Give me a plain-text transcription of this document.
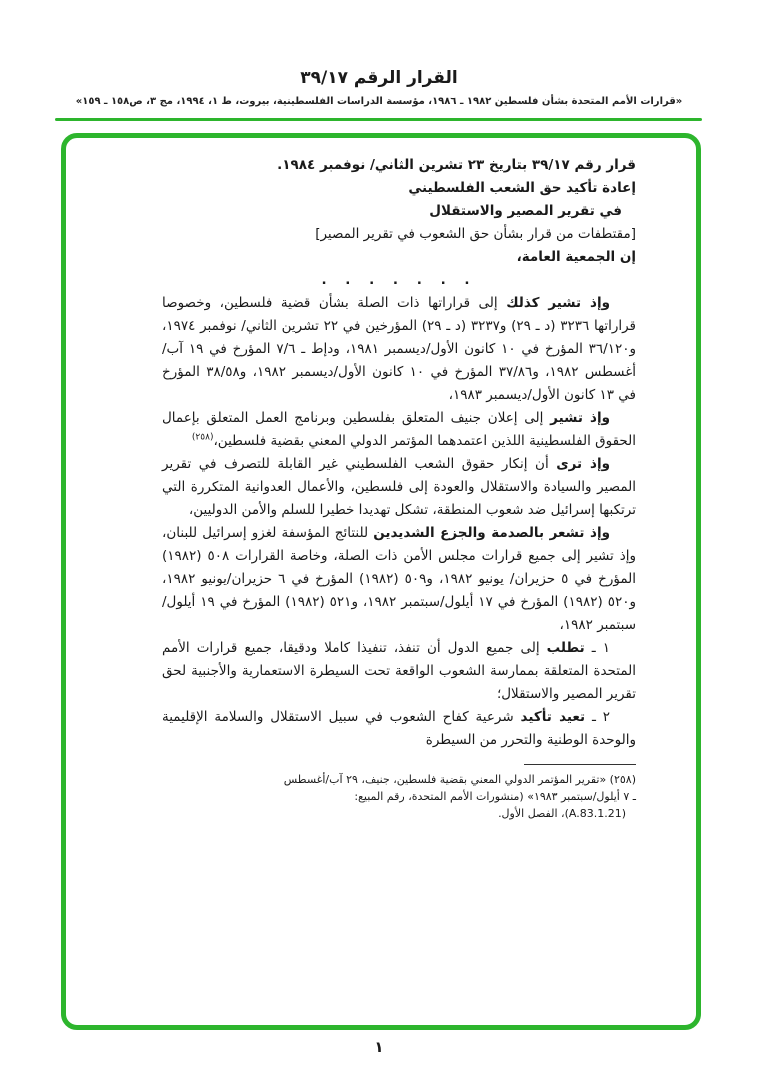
القرار الرقم ٣٩/١٧
«قرارات الأمم المتحدة بشأن فلسطين ١٩٨٢ ـ ١٩٨٦، مؤسسة الدراسات الفلسطينية، بيروت، ط ١، ١٩٩٤، مج ٣، ص١٥٨ ـ ١٥٩»

قرار رقم ٣٩/١٧ بتاريخ ٢٣ تشرين الثاني/ نوفمبر ١٩٨٤.

إعادة تأكيد حق الشعب الفلسطيني

في تقرير المصير والاستقلال

[مقتطفات من قرار بشأن حق الشعوب في تقرير المصير]

إن الجمعية العامة،

. . . . . . .

وإذ تشير كذلك إلى قراراتها ذات الصلة بشأن قضية فلسطين، وخصوصا قراراتها ٣٢٣٦ (د ـ ٢٩) و٣٢٣٧ (د ـ ٢٩) المؤرخين في ٢٢ تشرين الثاني/ نوفمبر ١٩٧٤، و٣٦/١٢٠ المؤرخ في ١٠ كانون الأول/ديسمبر ١٩٨١، ودإط ـ ٧/٦ المؤرخ في ١٩ آب/ أغسطس ١٩٨٢، و٣٧/٨٦ المؤرخ في ١٠ كانون الأول/ديسمبر ١٩٨٢، و٣٨/٥٨ المؤرخ في ١٣ كانون الأول/ديسمبر ١٩٨٣،

وإذ تشير إلى إعلان جنيف المتعلق بفلسطين وبرنامج العمل المتعلق بإعمال الحقوق الفلسطينية اللذين اعتمدهما المؤتمر الدولي المعني بقضية فلسطين،$^{(٢٥٨)}$

وإذ ترى أن إنكار حقوق الشعب الفلسطيني غير القابلة للتصرف في تقرير المصير والسيادة والاستقلال والعودة إلى فلسطين، والأعمال العدوانية المتكررة التي ترتكبها إسرائيل ضد شعوب المنطقة، تشكل تهديدا خطيرا للسلم والأمن الدوليين،

وإذ تشعر بالصدمة والجزع الشديدين للنتائج المؤسفة لغزو إسرائيل للبنان، وإذ تشير إلى جميع قرارات مجلس الأمن ذات الصلة، وخاصة القرارات ٥٠٨ (١٩٨٢) المؤرخ في ٥ حزيران/ يونيو ١٩٨٢، و٥٠٩ (١٩٨٢) المؤرخ في ٦ حزيران/يونيو ١٩٨٢، و٥٢٠ (١٩٨٢) المؤرخ في ١٧ أيلول/سبتمبر ١٩٨٢، و٥٢١ (١٩٨٢) المؤرخ في ١٩ أيلول/سبتمبر ١٩٨٢،

١ ـ تطلب إلى جميع الدول أن تنفذ، تنفيذا كاملا ودقيقا، جميع قرارات الأمم المتحدة المتعلقة بممارسة الشعوب الواقعة تحت السيطرة الاستعمارية والأجنبية لحق تقرير المصير والاستقلال؛

٢ ـ تعيد تأكيد شرعية كفاح الشعوب في سبيل الاستقلال والسلامة الإقليمية والوحدة الوطنية والتحرر من السيطرة

(٢٥٨) «تقرير المؤتمر الدولي المعني بقضية فلسطين، جنيف، ٢٩ آب/أغسطس
ـ ٧ أيلول/سبتمبر ١٩٨٣» (منشورات الأمم المتحدة، رقم المبيع:
(A.83.1.21)، الفصل الأول.
١
